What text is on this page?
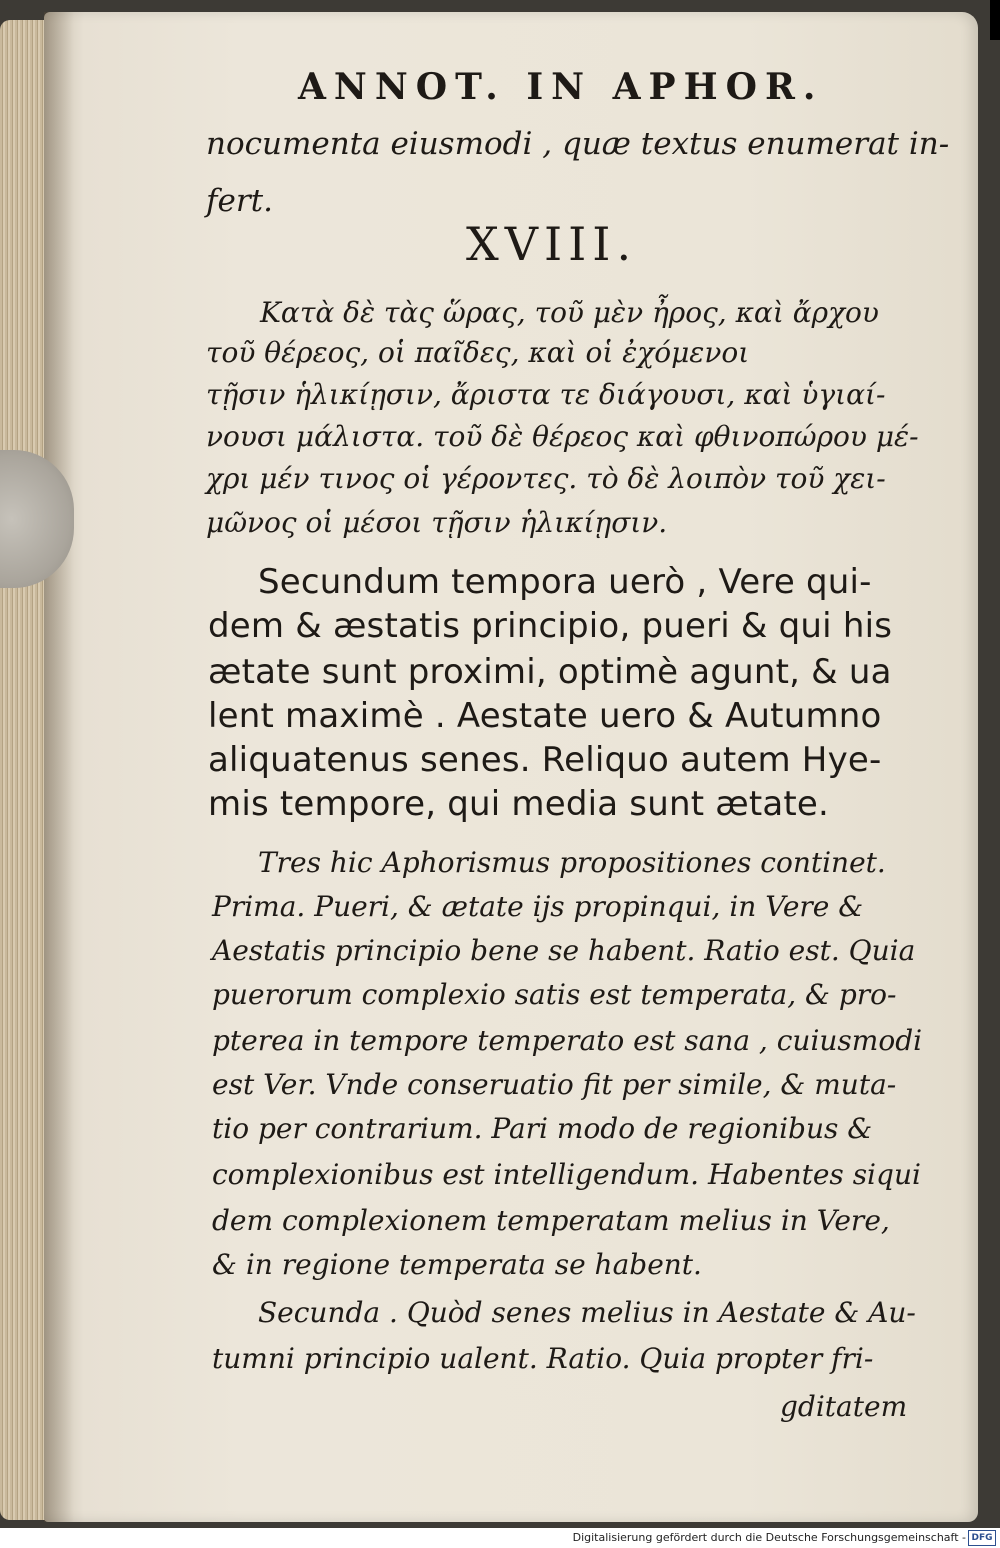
ANNOT. IN APHOR.
nocumenta eiusmodi , quæ textus enumerat in-
fert.
XVIII.
Κατὰ δὲ τὰς ὥρας, τοῦ μὲν ἦρος, καὶ ἄρχου
τοῦ θέρεος, οἱ παῖδες, καὶ οἱ ἐχόμενοι
τῇσιν ἡλικίῃσιν, ἄριστα τε διάγουσι, καὶ ὑγιαί-
νουσι μάλιστα. τοῦ δὲ θέρεος καὶ φθινοπώρου μέ-
χρι μέν τινος οἱ γέροντες. τὸ δὲ λοιπὸν τοῦ χει-
μῶνος οἱ μέσοι τῇσιν ἡλικίῃσιν.
Secundum tempora uerò , Vere qui-
dem & æstatis principio, pueri & qui his
ætate sunt proximi, optimè agunt, & ua
lent maximè . Aestate uero & Autumno
aliquatenus senes. Reliquo autem Hye-
mis tempore, qui media sunt ætate.
Tres hic Aphorismus propositiones continet.
Prima. Pueri, & ætate ijs propinqui, in Vere &
Aestatis principio bene se habent. Ratio est. Quia
puerorum complexio satis est temperata, & pro-
pterea in tempore temperato est sana , cuiusmodi
est Ver. Vnde conseruatio fit per simile, & muta-
tio per contrarium. Pari modo de regionibus &
complexionibus est intelligendum. Habentes siqui
dem complexionem temperatam melius in Vere,
& in regione temperata se habent.
Secunda . Quòd senes melius in Aestate & Au-
tumni principio ualent. Ratio. Quia propter fri-
gditatem
Digitalisierung gefördert durch die Deutsche Forschungsgemeinschaft - DFG
